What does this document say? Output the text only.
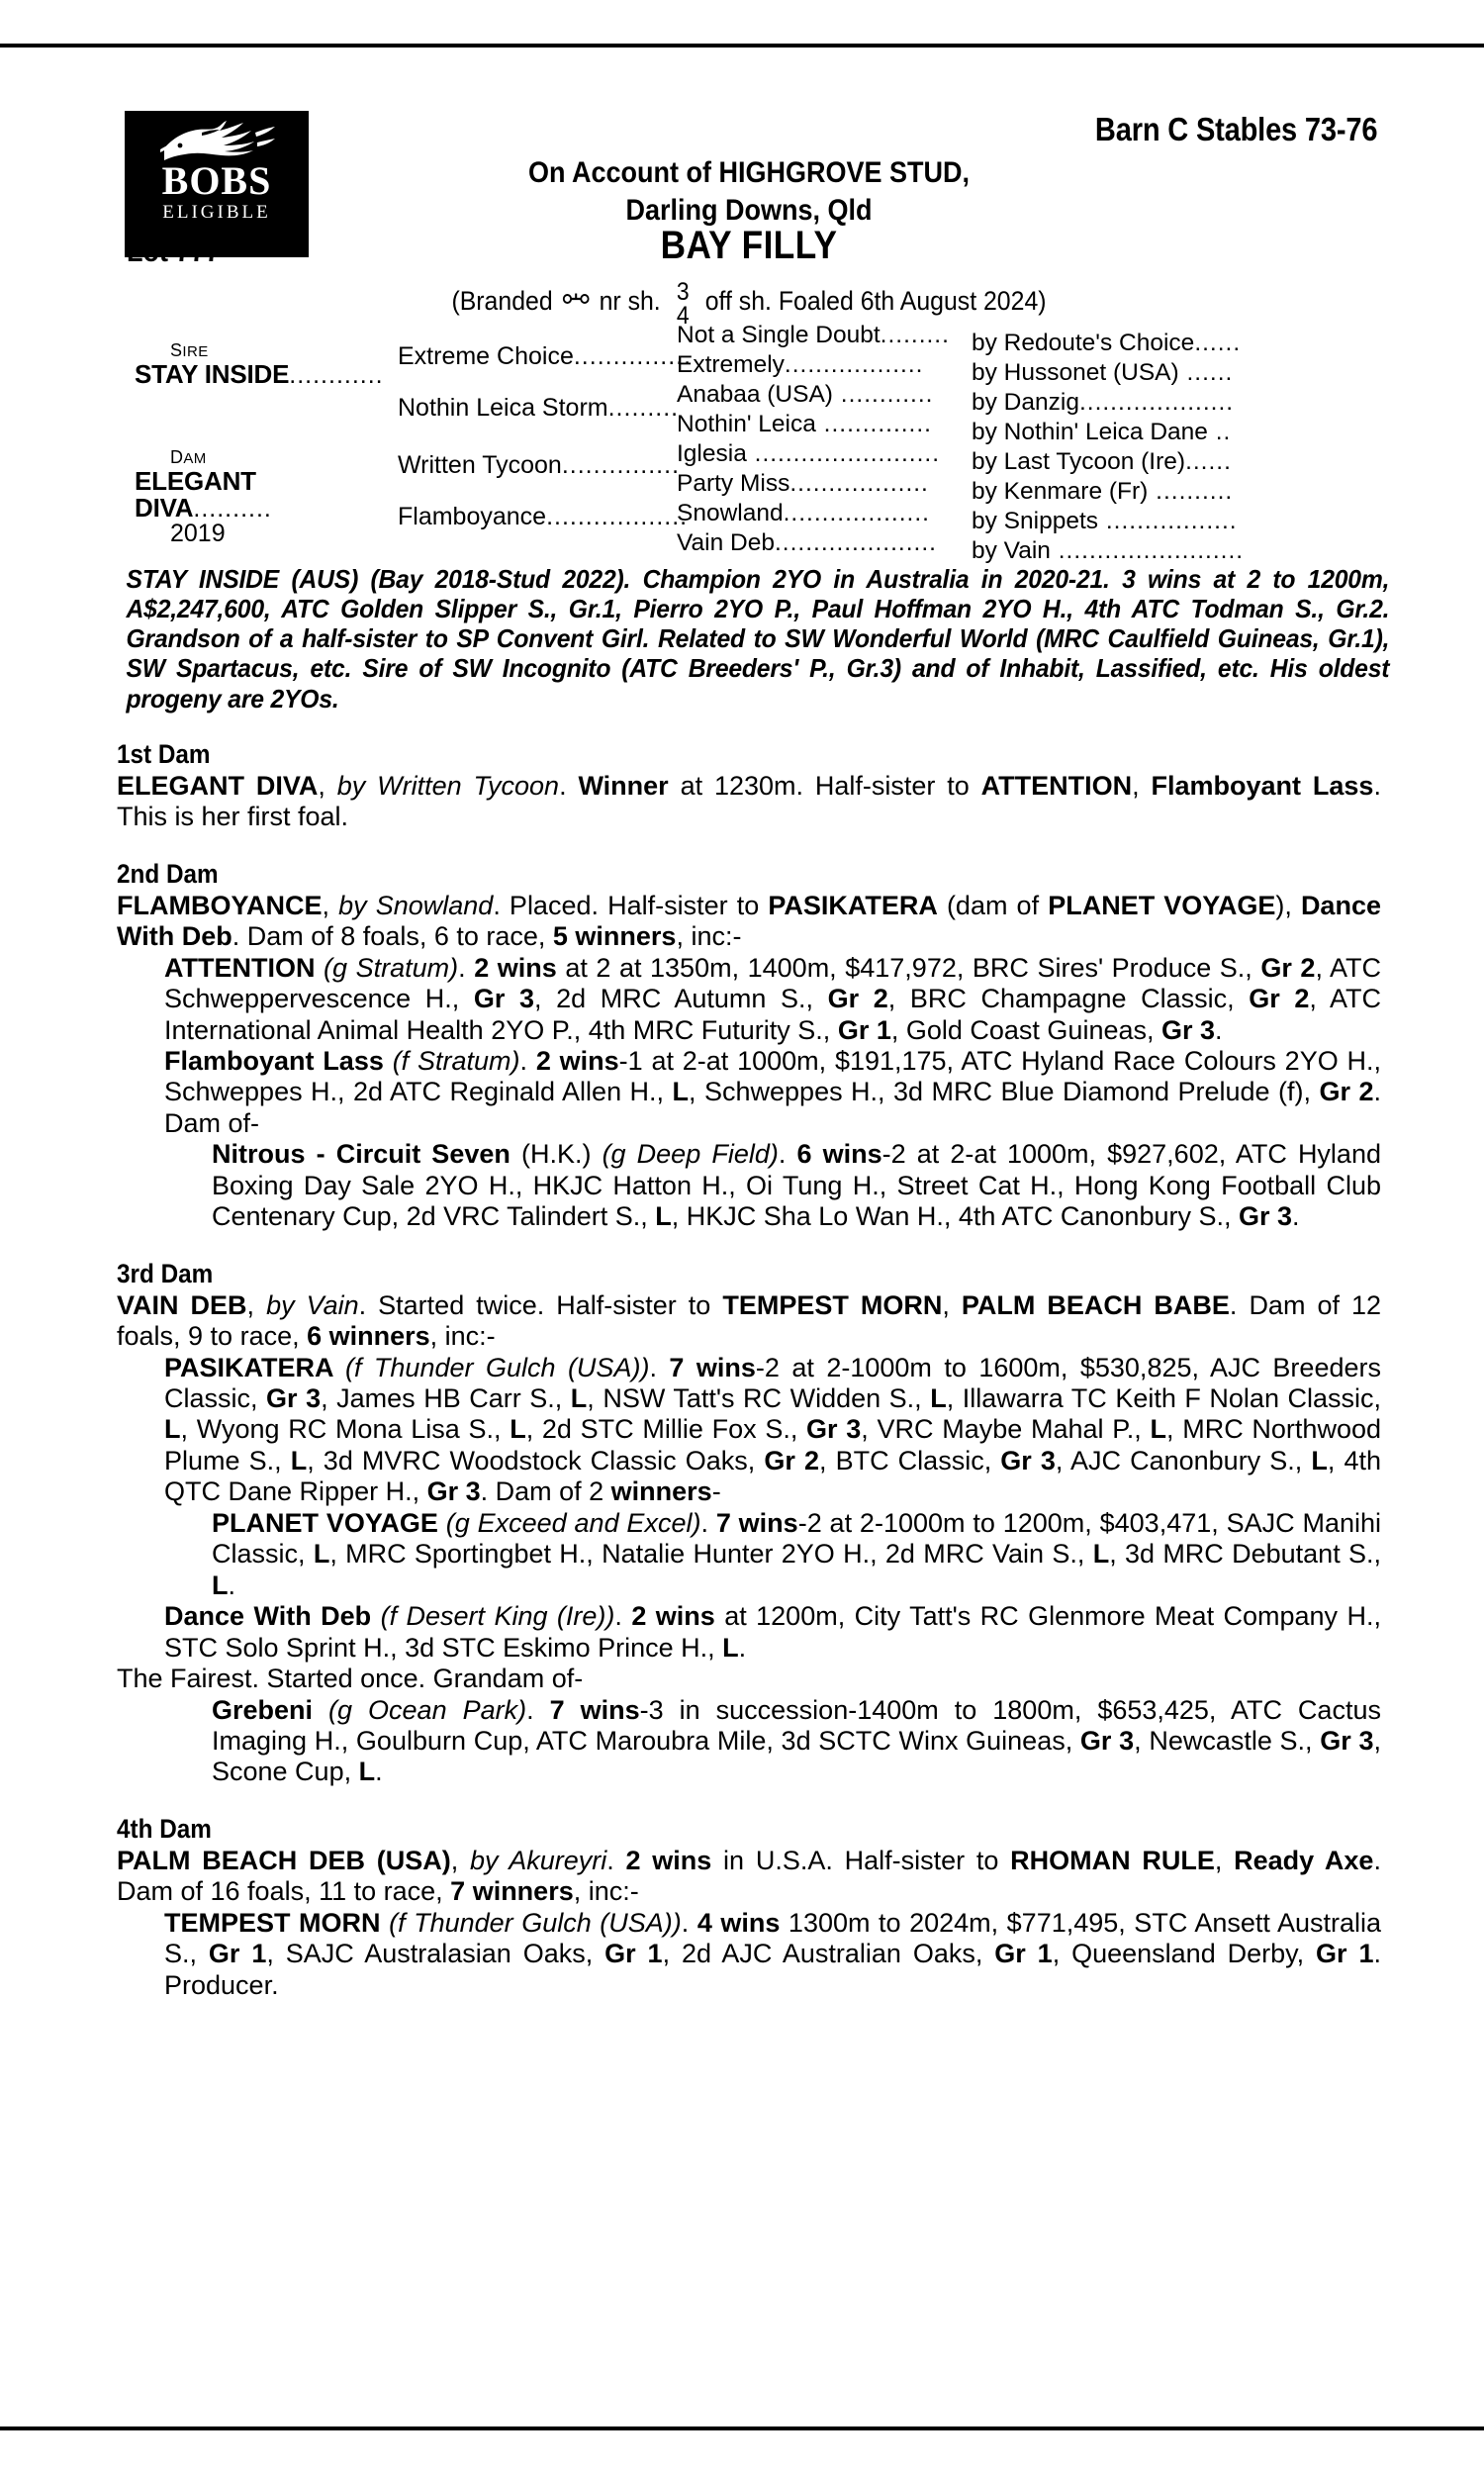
BOBS
ELIGIBLE
Barn C Stables 73-76
On Account of HIGHGROVE STUD,
Darling Downs, Qld
Lot 777	BAY FILLY
(Branded nr sh. 3
4 off sh. Foaled 6th August 2024)
sire
STAY INSIDE............
dam
ELEGANT DIVA..........
2019
Extreme Choice...............
Nothin Leica Storm.........
Written Tycoon...............
Flamboyance..................
Not a Single Doubt......... by Redoute's Choice......
Extremely.................. by Hussonet (USA) ......
Anabaa (USA) ............ by Danzig....................
Nothin' Leica .............. by Nothin' Leica Dane ..
Iglesia ........................ by Last Tycoon (Ire)......
Party Miss.................. by Kenmare (Fr) ..........
Snowland................... by Snippets .................
Vain Deb..................... by Vain ........................
STAY INSIDE (AUS) (Bay 2018-Stud 2022). Champion 2YO in Australia in 2020-21. 3 wins at 2 to 1200m, A$2,247,600, ATC Golden Slipper S., Gr.1, Pierro 2YO P., Paul Hoffman 2YO H., 4th ATC Todman S., Gr.2. Grandson of a half-sister to SP Convent Girl. Related to SW Wonderful World (MRC Caulfield Guineas, Gr.1), SW Spartacus, etc. Sire of SW Incognito (ATC Breeders' P., Gr.3) and of Inhabit, Lassified, etc. His oldest progeny are 2YOs.
1st Dam
ELEGANT DIVA, by Written Tycoon. Winner at 1230m. Half-sister to ATTENTION, Flamboyant Lass. This is her first foal.
2nd Dam
FLAMBOYANCE, by Snowland. Placed. Half-sister to PASIKATERA (dam of PLANET VOYAGE), Dance With Deb. Dam of 8 foals, 6 to race, 5 winners, inc:-
ATTENTION (g Stratum). 2 wins at 2 at 1350m, 1400m, $417,972, BRC Sires' Produce S., Gr 2, ATC Schweppervescence H., Gr 3, 2d MRC Autumn S., Gr 2, BRC Champagne Classic, Gr 2, ATC International Animal Health 2YO P., 4th MRC Futurity S., Gr 1, Gold Coast Guineas, Gr 3.
Flamboyant Lass (f Stratum). 2 wins-1 at 2-at 1000m, $191,175, ATC Hyland Race Colours 2YO H., Schweppes H., 2d ATC Reginald Allen H., L, Schweppes H., 3d MRC Blue Diamond Prelude (f), Gr 2. Dam of-
Nitrous - Circuit Seven (H.K.) (g Deep Field). 6 wins-2 at 2-at 1000m, $927,602, ATC Hyland Boxing Day Sale 2YO H., HKJC Hatton H., Oi Tung H., Street Cat H., Hong Kong Football Club Centenary Cup, 2d VRC Talindert S., L, HKJC Sha Lo Wan H., 4th ATC Canonbury S., Gr 3.
3rd Dam
VAIN DEB, by Vain. Started twice. Half-sister to TEMPEST MORN, PALM BEACH BABE. Dam of 12 foals, 9 to race, 6 winners, inc:-
PASIKATERA (f Thunder Gulch (USA)). 7 wins-2 at 2-1000m to 1600m, $530,825, AJC Breeders Classic, Gr 3, James HB Carr S., L, NSW Tatt's RC Widden S., L, Illawarra TC Keith F Nolan Classic, L, Wyong RC Mona Lisa S., L, 2d STC Millie Fox S., Gr 3, VRC Maybe Mahal P., L, MRC Northwood Plume S., L, 3d MVRC Woodstock Classic Oaks, Gr 2, BTC Classic, Gr 3, AJC Canonbury S., L, 4th QTC Dane Ripper H., Gr 3. Dam of 2 winners-
PLANET VOYAGE (g Exceed and Excel). 7 wins-2 at 2-1000m to 1200m, $403,471, SAJC Manihi Classic, L, MRC Sportingbet H., Natalie Hunter 2YO H., 2d MRC Vain S., L, 3d MRC Debutant S., L.
Dance With Deb (f Desert King (Ire)). 2 wins at 1200m, City Tatt's RC Glenmore Meat Company H., STC Solo Sprint H., 3d STC Eskimo Prince H., L.
The Fairest. Started once. Grandam of-
Grebeni (g Ocean Park). 7 wins-3 in succession-1400m to 1800m, $653,425, ATC Cactus Imaging H., Goulburn Cup, ATC Maroubra Mile, 3d SCTC Winx Guineas, Gr 3, Newcastle S., Gr 3, Scone Cup, L.
4th Dam
PALM BEACH DEB (USA), by Akureyri. 2 wins in U.S.A. Half-sister to RHOMAN RULE, Ready Axe. Dam of 16 foals, 11 to race, 7 winners, inc:-
TEMPEST MORN (f Thunder Gulch (USA)). 4 wins 1300m to 2024m, $771,495, STC Ansett Australia S., Gr 1, SAJC Australasian Oaks, Gr 1, 2d AJC Australian Oaks, Gr 1, Queensland Derby, Gr 1. Producer.
